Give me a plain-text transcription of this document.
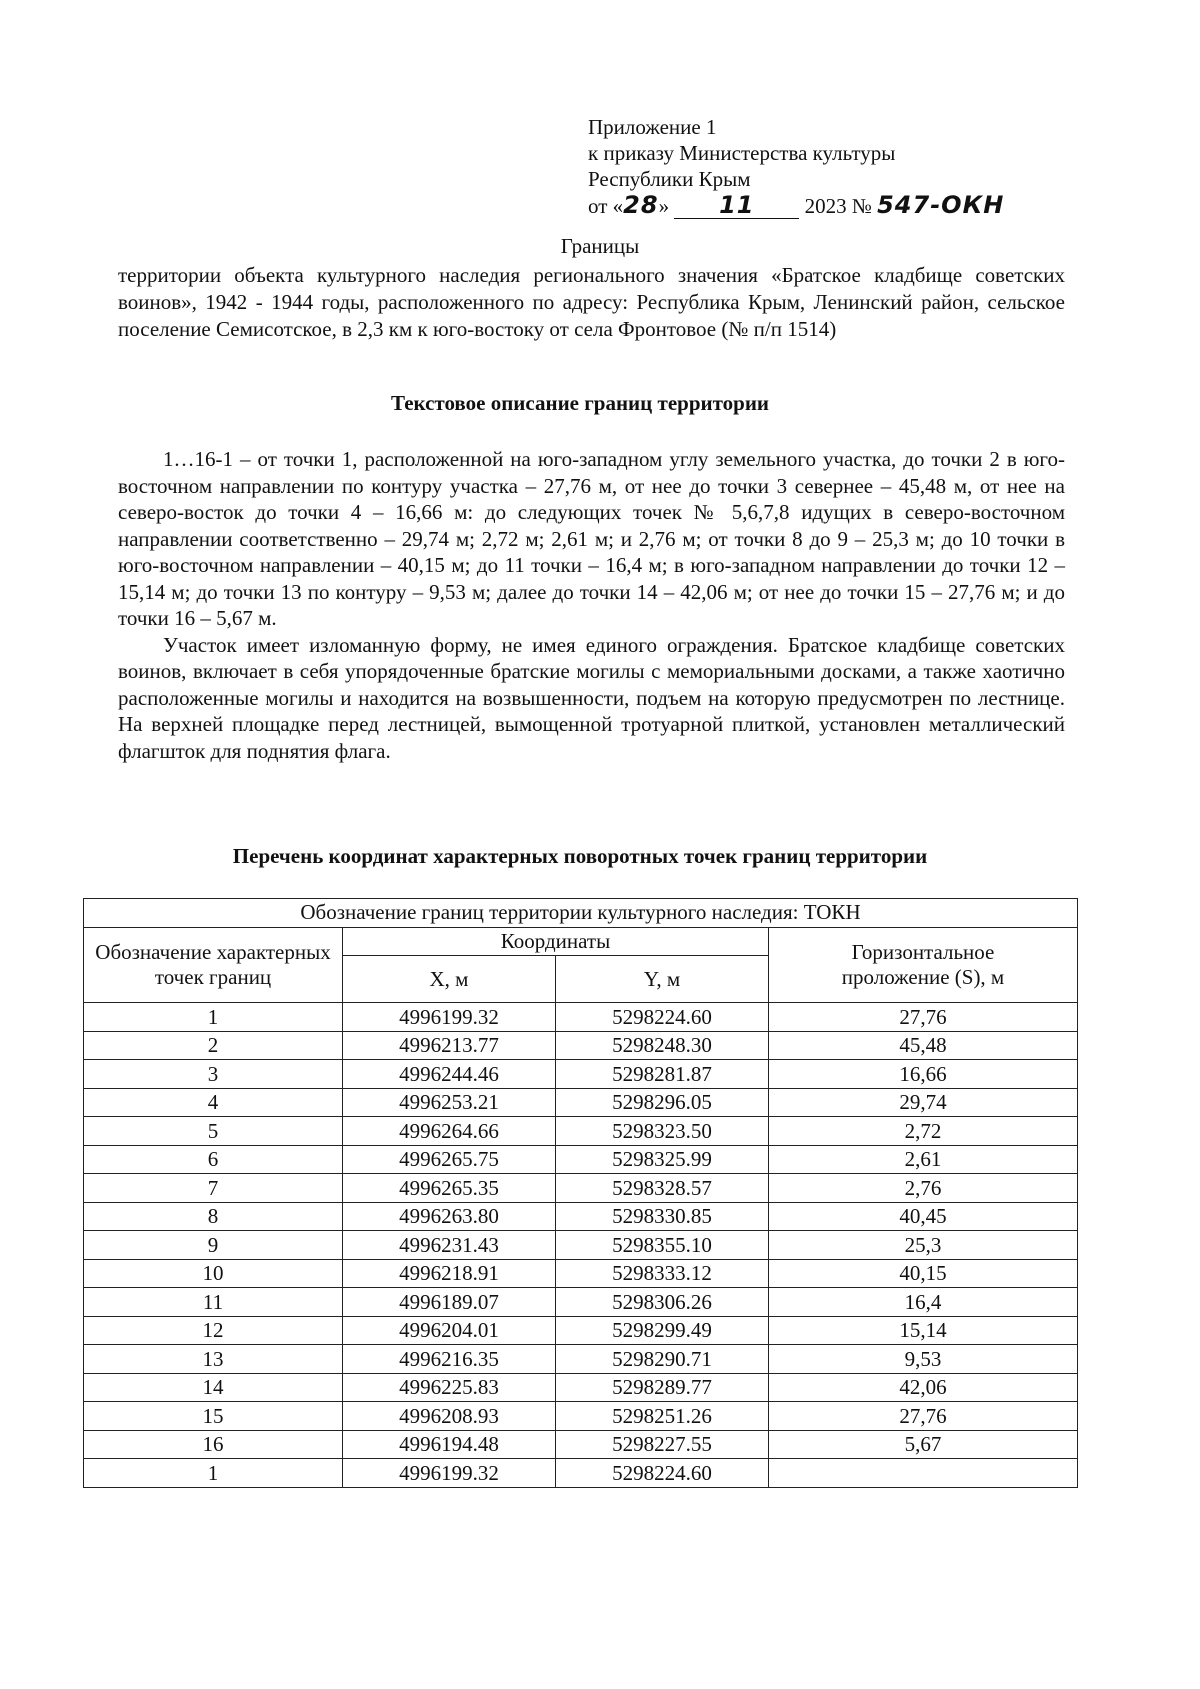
Приложение 1
к приказу Министерства культуры
Республики Крым
от «28» 11 2023 № 547-ОКН
Границы
территории объекта культурного наследия регионального значения «Братское кладбище советских воинов», 1942 - 1944 годы, расположенного по адресу: Республика Крым, Ленинский район, сельское поселение Семисотское, в 2,3 км к юго-востоку от села Фронтовое (№ п/п 1514)
Текстовое описание границ территории

1…16-1 – от точки 1, расположенной на юго-западном углу земельного участка, до точки 2 в юго-восточном направлении по контуру участка – 27,76 м, от нее до точки 3 севернее – 45,48 м, от нее на северо-восток до точки 4 – 16,66 м: до следующих точек № 5,6,7,8 идущих в северо-восточном направлении соответственно – 29,74 м; 2,72 м; 2,61 м; и 2,76 м; от точки 8 до 9 – 25,3 м; до 10 точки в юго-восточном направлении – 40,15 м; до 11 точки – 16,4 м; в юго-западном направлении до точки 12 – 15,14 м; до точки 13 по контуру – 9,53 м; далее до точки 14 – 42,06 м; от нее до точки 15 – 27,76 м; и до точки 16 – 5,67 м.

Участок имеет изломанную форму, не имея единого ограждения. Братское кладбище советских воинов, включает в себя упорядоченные братские могилы с мемориальными досками, а также хаотично расположенные могилы и находится на возвышенности, подъем на которую предусмотрен по лестнице. На верхней площадке перед лестницей, вымощенной тротуарной плиткой, установлен металлический флагшток для поднятия флага.

Перечень координат характерных поворотных точек границ территории
Обозначение границ территории культурного наследия: ТОКН			
Обозначение характерных точек границ	Координаты		Горизонтальное проложение (S), м
	X, м	Y, м	
1	4996199.32	5298224.60	27,76
2	4996213.77	5298248.30	45,48
3	4996244.46	5298281.87	16,66
4	4996253.21	5298296.05	29,74
5	4996264.66	5298323.50	2,72
6	4996265.75	5298325.99	2,61
7	4996265.35	5298328.57	2,76
8	4996263.80	5298330.85	40,45
9	4996231.43	5298355.10	25,3
10	4996218.91	5298333.12	40,15
11	4996189.07	5298306.26	16,4
12	4996204.01	5298299.49	15,14
13	4996216.35	5298290.71	9,53
14	4996225.83	5298289.77	42,06
15	4996208.93	5298251.26	27,76
16	4996194.48	5298227.55	5,67
1	4996199.32	5298224.60	
